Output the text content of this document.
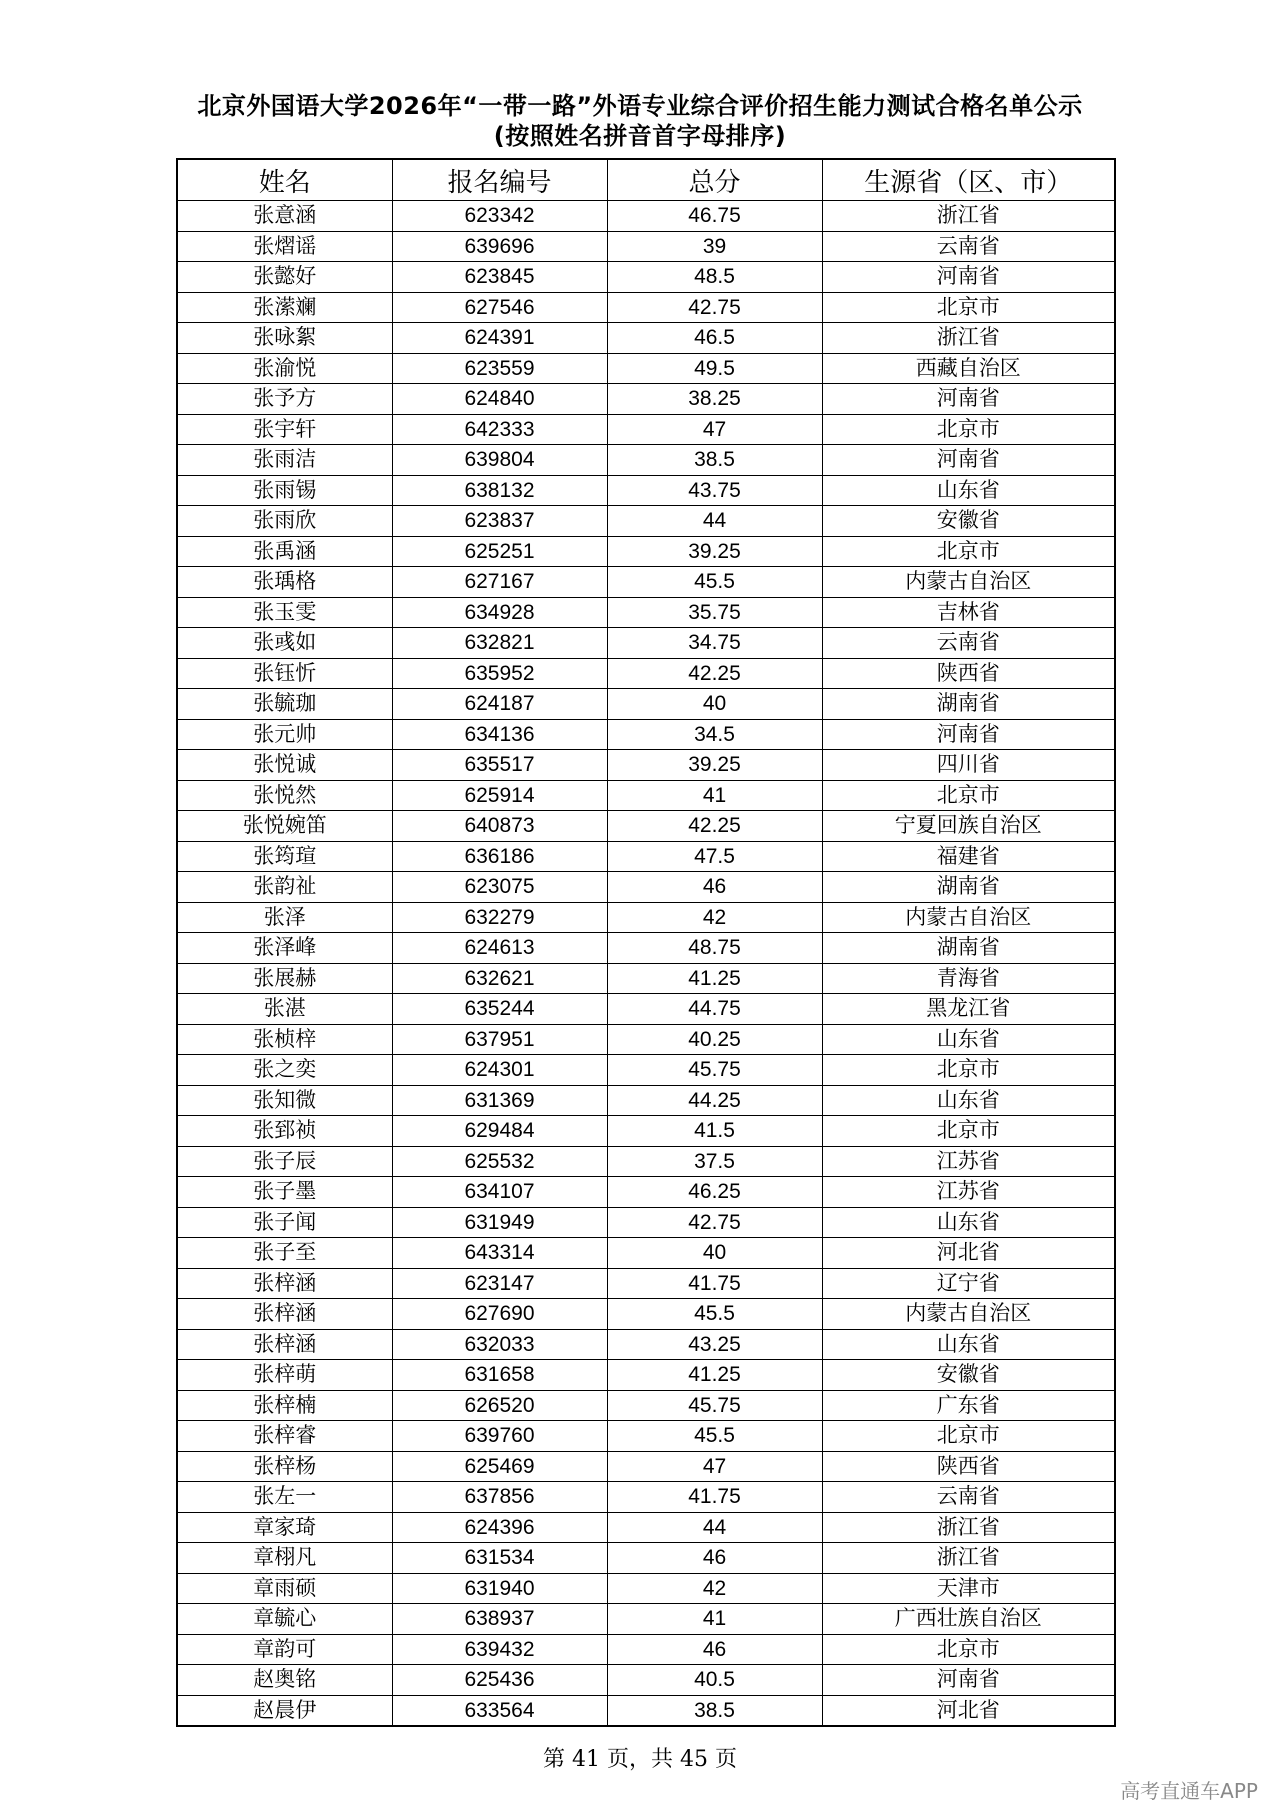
北京外国语大学2026年“一带一路”外语专业综合评价招生能力测试合格名单公示
(按照姓名拼音首字母排序)
姓名	报名编号	总分	生源省（区、市）
张意涵	623342	46.75	浙江省
张熠谣	639696	39	云南省
张懿好	623845	48.5	河南省
张潆斓	627546	42.75	北京市
张咏絮	624391	46.5	浙江省
张渝悦	623559	49.5	西藏自治区
张予方	624840	38.25	河南省
张宇轩	642333	47	北京市
张雨洁	639804	38.5	河南省
张雨锡	638132	43.75	山东省
张雨欣	623837	44	安徽省
张禹涵	625251	39.25	北京市
张瑀格	627167	45.5	内蒙古自治区
张玉雯	634928	35.75	吉林省
张彧如	632821	34.75	云南省
张钰忻	635952	42.25	陕西省
张毓珈	624187	40	湖南省
张元帅	634136	34.5	河南省
张悦诚	635517	39.25	四川省
张悦然	625914	41	北京市
张悦婉笛	640873	42.25	宁夏回族自治区
张筠瑄	636186	47.5	福建省
张韵祉	623075	46	湖南省
张泽	632279	42	内蒙古自治区
张泽峰	624613	48.75	湖南省
张展赫	632621	41.25	青海省
张湛	635244	44.75	黑龙江省
张桢梓	637951	40.25	山东省
张之奕	624301	45.75	北京市
张知微	631369	44.25	山东省
张郅祯	629484	41.5	北京市
张子辰	625532	37.5	江苏省
张子墨	634107	46.25	江苏省
张子闻	631949	42.75	山东省
张子至	643314	40	河北省
张梓涵	623147	41.75	辽宁省
张梓涵	627690	45.5	内蒙古自治区
张梓涵	632033	43.25	山东省
张梓萌	631658	41.25	安徽省
张梓楠	626520	45.75	广东省
张梓睿	639760	45.5	北京市
张梓杨	625469	47	陕西省
张左一	637856	41.75	云南省
章家琦	624396	44	浙江省
章栩凡	631534	46	浙江省
章雨硕	631940	42	天津市
章毓心	638937	41	广西壮族自治区
章韵可	639432	46	北京市
赵奥铭	625436	40.5	河南省
赵晨伊	633564	38.5	河北省
第 41 页，共 45 页
高考直通车APP
